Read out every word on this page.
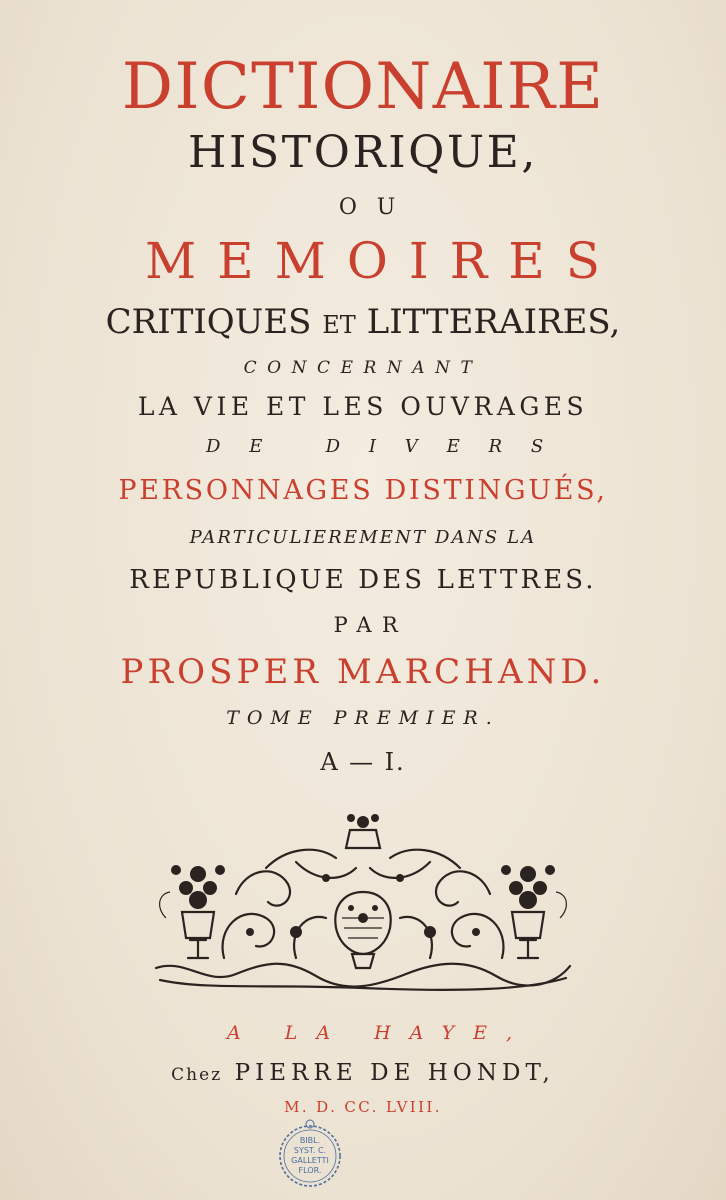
DICTIONAIRE
HISTORIQUE,
OU
MEMOIRES
CRITIQUES ET LITTERAIRES,
CONCERNANT
LA VIE ET LES OUVRAGES
DE DIVERS
PERSONNAGES DISTINGUÉS,
PARTICULIEREMENT DANS LA
REPUBLIQUE DES LETTRES.
PAR
PROSPER MARCHAND.
TOME PREMIER.
A — I.
A LA HAYE,
Chez PIERRE DE HONDT,
M. D. CC. LVIII.
BIBL.
SYST. C.
GALLETTI
FLOR.
